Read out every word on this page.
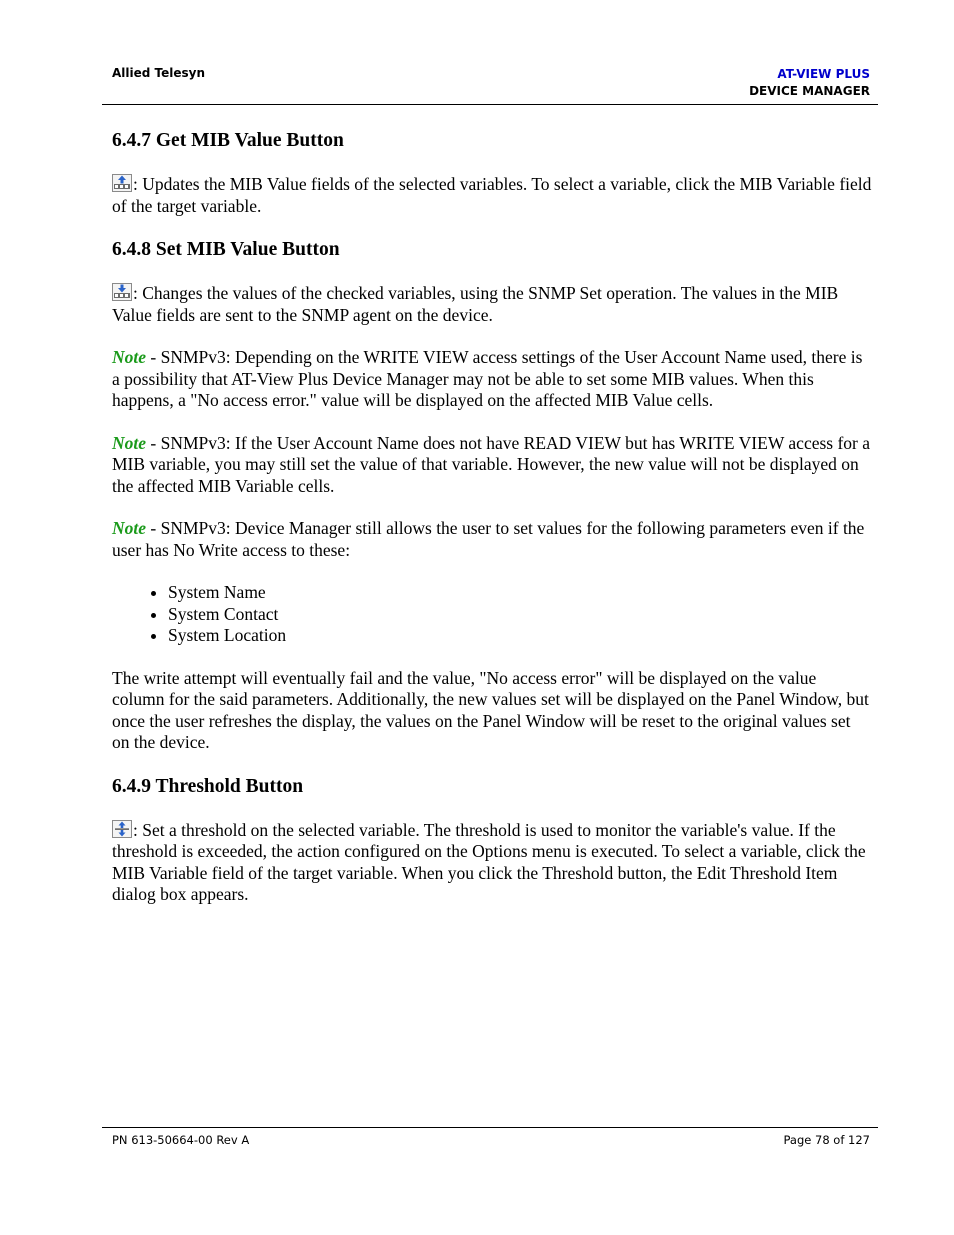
Allied Telesyn	AT-VIEW PLUS
DEVICE MANAGER
6.4.7 Get MIB Value Button

: Updates the MIB Value fields of the selected variables. To select a variable, click the MIB Variable field of the target variable.

6.4.8 Set MIB Value Button

: Changes the values of the checked variables, using the SNMP Set operation. The values in the MIB Value fields are sent to the SNMP agent on the device.

Note - SNMPv3: Depending on the WRITE VIEW access settings of the User Account Name used, there is a possibility that AT-View Plus Device Manager may not be able to set some MIB values. When this happens, a "No access error." value will be displayed on the affected MIB Value cells.

Note - SNMPv3: If the User Account Name does not have READ VIEW but has WRITE VIEW access for a MIB variable, you may still set the value of that variable. However, the new value will not be displayed on the affected MIB Variable cells.

Note - SNMPv3: Device Manager still allows the user to set values for the following parameters even if the user has No Write access to these:

• System Name
• System Contact
• System Location

The write attempt will eventually fail and the value, "No access error" will be displayed on the value column for the said parameters. Additionally, the new values set will be displayed on the Panel Window, but once the user refreshes the display, the values on the Panel Window will be reset to the original values set on the device.

6.4.9 Threshold Button

: Set a threshold on the selected variable. The threshold is used to monitor the variable's value. If the threshold is exceeded, the action configured on the Options menu is executed. To select a variable, click the MIB Variable field of the target variable. When you click the Threshold button, the Edit Threshold Item dialog box appears.

PN 613-50664-00 Rev A	Page 78 of 127
